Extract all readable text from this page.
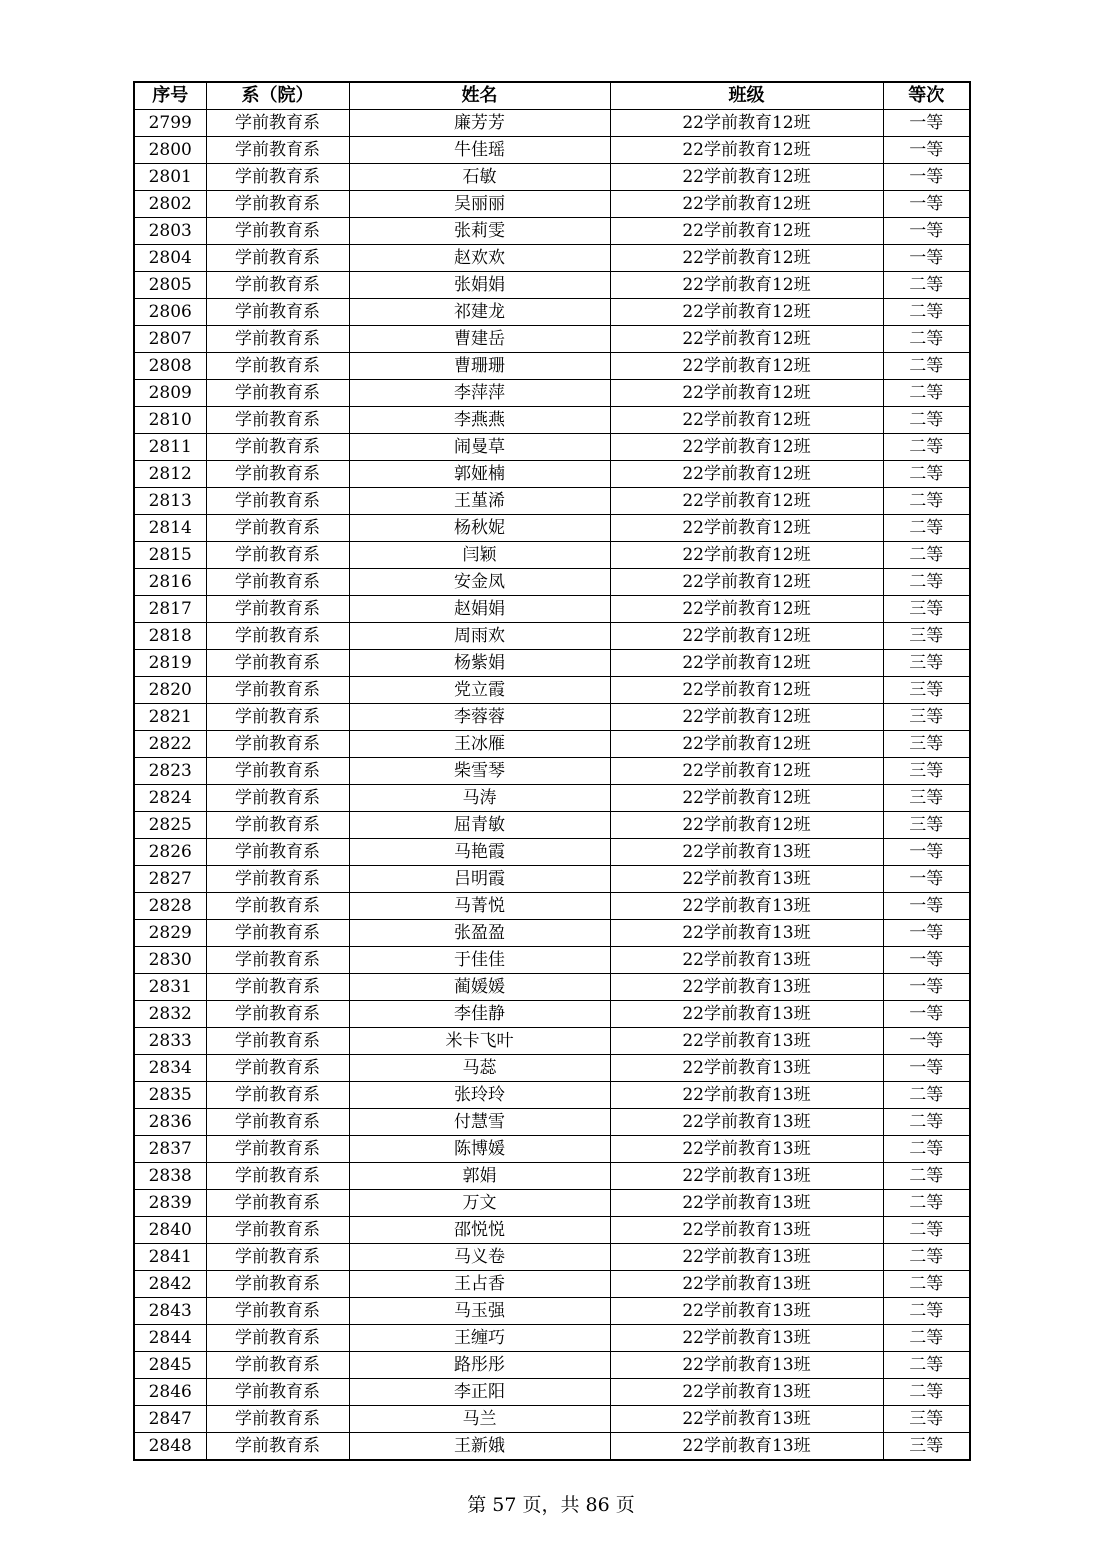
序号	系（院）	姓名	班级	等次
2799	学前教育系	廉芳芳	22学前教育12班	一等
2800	学前教育系	牛佳瑶	22学前教育12班	一等
2801	学前教育系	石敏	22学前教育12班	一等
2802	学前教育系	吴丽丽	22学前教育12班	一等
2803	学前教育系	张莉雯	22学前教育12班	一等
2804	学前教育系	赵欢欢	22学前教育12班	一等
2805	学前教育系	张娟娟	22学前教育12班	二等
2806	学前教育系	祁建龙	22学前教育12班	二等
2807	学前教育系	曹建岳	22学前教育12班	二等
2808	学前教育系	曹珊珊	22学前教育12班	二等
2809	学前教育系	李萍萍	22学前教育12班	二等
2810	学前教育系	李燕燕	22学前教育12班	二等
2811	学前教育系	闹曼草	22学前教育12班	二等
2812	学前教育系	郭娅楠	22学前教育12班	二等
2813	学前教育系	王堇浠	22学前教育12班	二等
2814	学前教育系	杨秋妮	22学前教育12班	二等
2815	学前教育系	闫颖	22学前教育12班	二等
2816	学前教育系	安金凤	22学前教育12班	二等
2817	学前教育系	赵娟娟	22学前教育12班	三等
2818	学前教育系	周雨欢	22学前教育12班	三等
2819	学前教育系	杨紫娟	22学前教育12班	三等
2820	学前教育系	党立霞	22学前教育12班	三等
2821	学前教育系	李蓉蓉	22学前教育12班	三等
2822	学前教育系	王冰雁	22学前教育12班	三等
2823	学前教育系	柴雪琴	22学前教育12班	三等
2824	学前教育系	马涛	22学前教育12班	三等
2825	学前教育系	屈青敏	22学前教育12班	三等
2826	学前教育系	马艳霞	22学前教育13班	一等
2827	学前教育系	吕明霞	22学前教育13班	一等
2828	学前教育系	马菁悦	22学前教育13班	一等
2829	学前教育系	张盈盈	22学前教育13班	一等
2830	学前教育系	于佳佳	22学前教育13班	一等
2831	学前教育系	蔺媛媛	22学前教育13班	一等
2832	学前教育系	李佳静	22学前教育13班	一等
2833	学前教育系	米卡飞叶	22学前教育13班	一等
2834	学前教育系	马蕊	22学前教育13班	一等
2835	学前教育系	张玲玲	22学前教育13班	二等
2836	学前教育系	付慧雪	22学前教育13班	二等
2837	学前教育系	陈博媛	22学前教育13班	二等
2838	学前教育系	郭娟	22学前教育13班	二等
2839	学前教育系	万文	22学前教育13班	二等
2840	学前教育系	邵悦悦	22学前教育13班	二等
2841	学前教育系	马义卷	22学前教育13班	二等
2842	学前教育系	王占香	22学前教育13班	二等
2843	学前教育系	马玉强	22学前教育13班	二等
2844	学前教育系	王缠巧	22学前教育13班	二等
2845	学前教育系	路彤彤	22学前教育13班	二等
2846	学前教育系	李正阳	22学前教育13班	二等
2847	学前教育系	马兰	22学前教育13班	三等
2848	学前教育系	王新娥	22学前教育13班	三等
第 57 页，共 86 页
